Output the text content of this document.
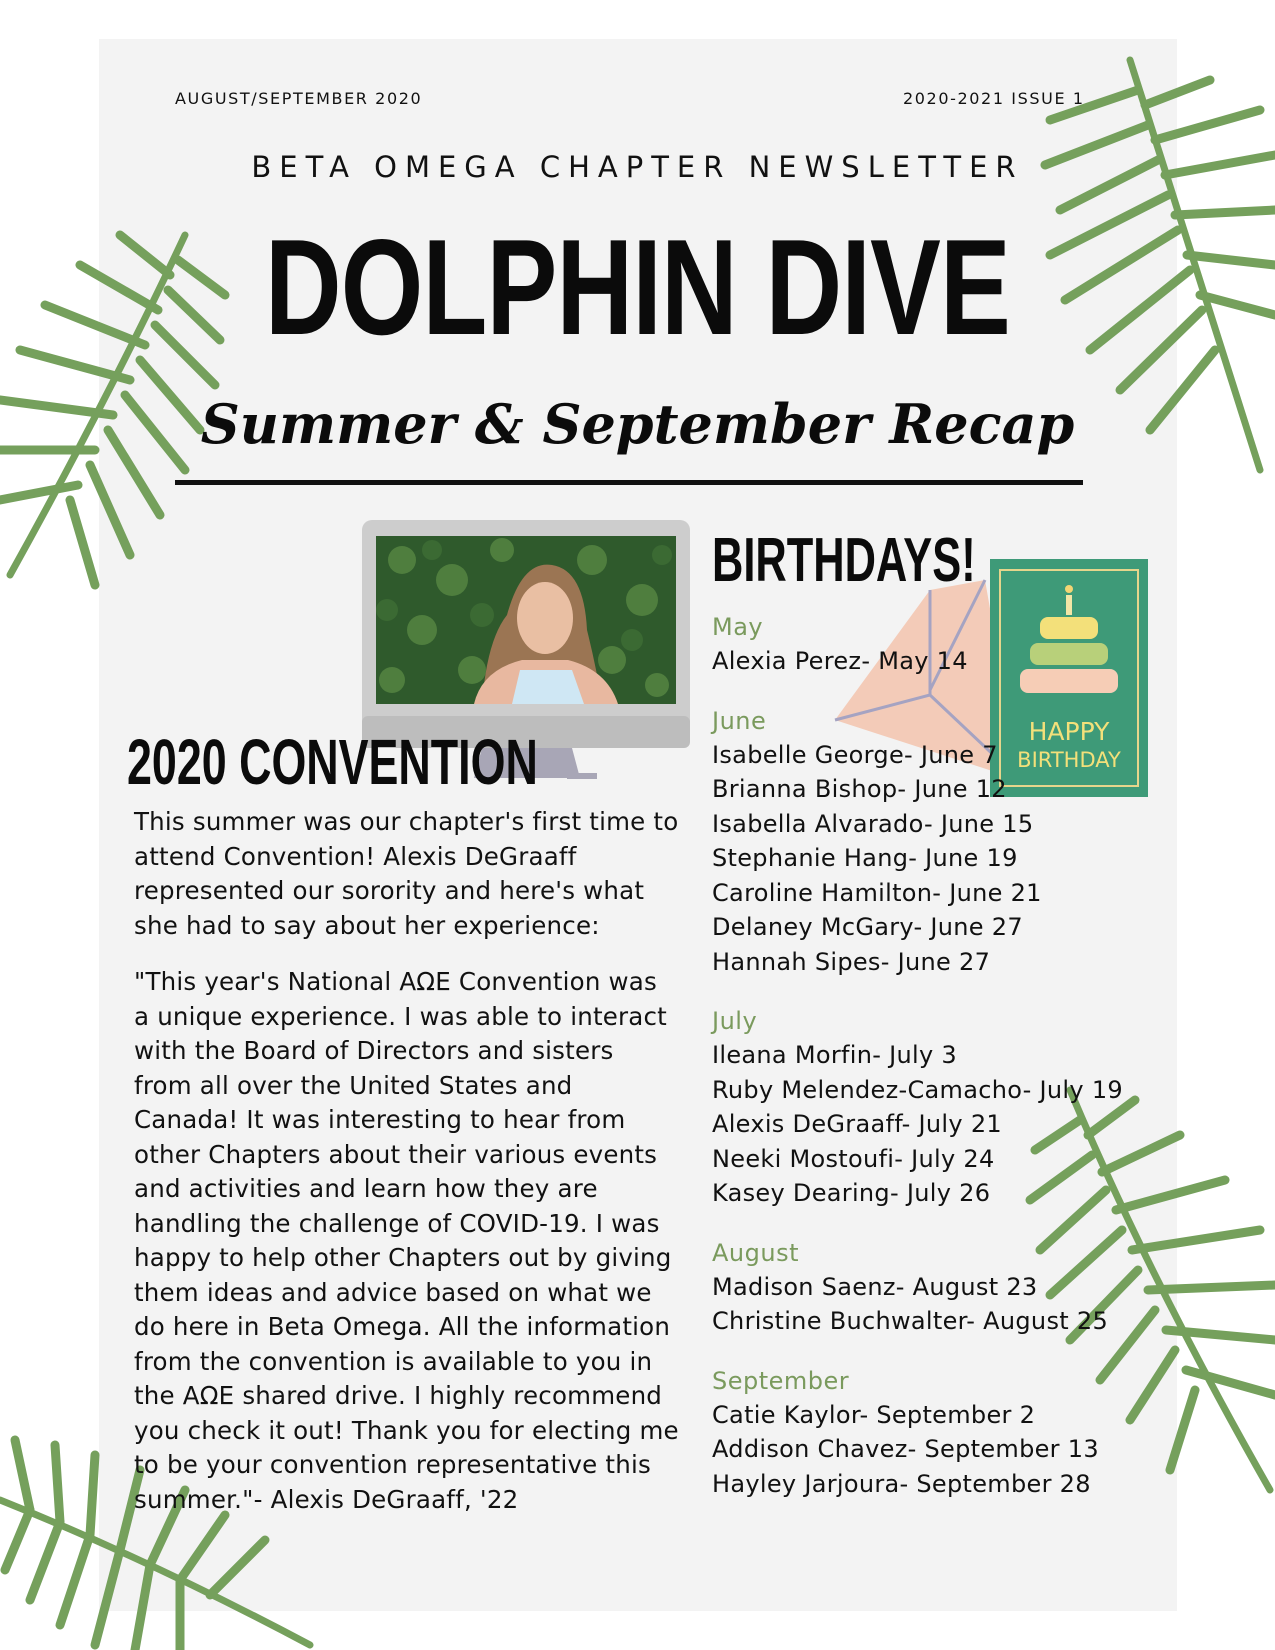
AUGUST/SEPTEMBER 2020	2020-2021 ISSUE 1
BETA OMEGA CHAPTER NEWSLETTER
DOLPHIN DIVE
Summer & September Recap
2020 CONVENTION

This summer was our chapter's first time to attend Convention! Alexis DeGraaff represented our sorority and here's what she had to say about her experience:

"This year's National ΑΩΕ Convention was a unique experience. I was able to interact with the Board of Directors and sisters from all over the United States and Canada! It was interesting to hear from other Chapters about their various events and activities and learn how they are handling the challenge of COVID-19. I was happy to help other Chapters out by giving them ideas and advice based on what we do here in Beta Omega. All the information from the convention is available to you in the ΑΩΕ shared drive. I highly recommend you check it out! Thank you for electing me to be your convention representative this summer."- Alexis DeGraaff, '22

HAPPY
BIRTHDAY
BIRTHDAYS!
May
Alexia Perez- May 14
June
Isabelle George- June 7
Brianna Bishop- June 12
Isabella Alvarado- June 15
Stephanie Hang- June 19
Caroline Hamilton- June 21
Delaney McGary- June 27
Hannah Sipes- June 27
July
Ileana Morfin- July 3
Ruby Melendez-Camacho- July 19
Alexis DeGraaff- July 21
Neeki Mostoufi- July 24
Kasey Dearing- July 26
August
Madison Saenz- August 23
Christine Buchwalter- August 25
September
Catie Kaylor- September 2
Addison Chavez- September 13
Hayley Jarjoura- September 28
